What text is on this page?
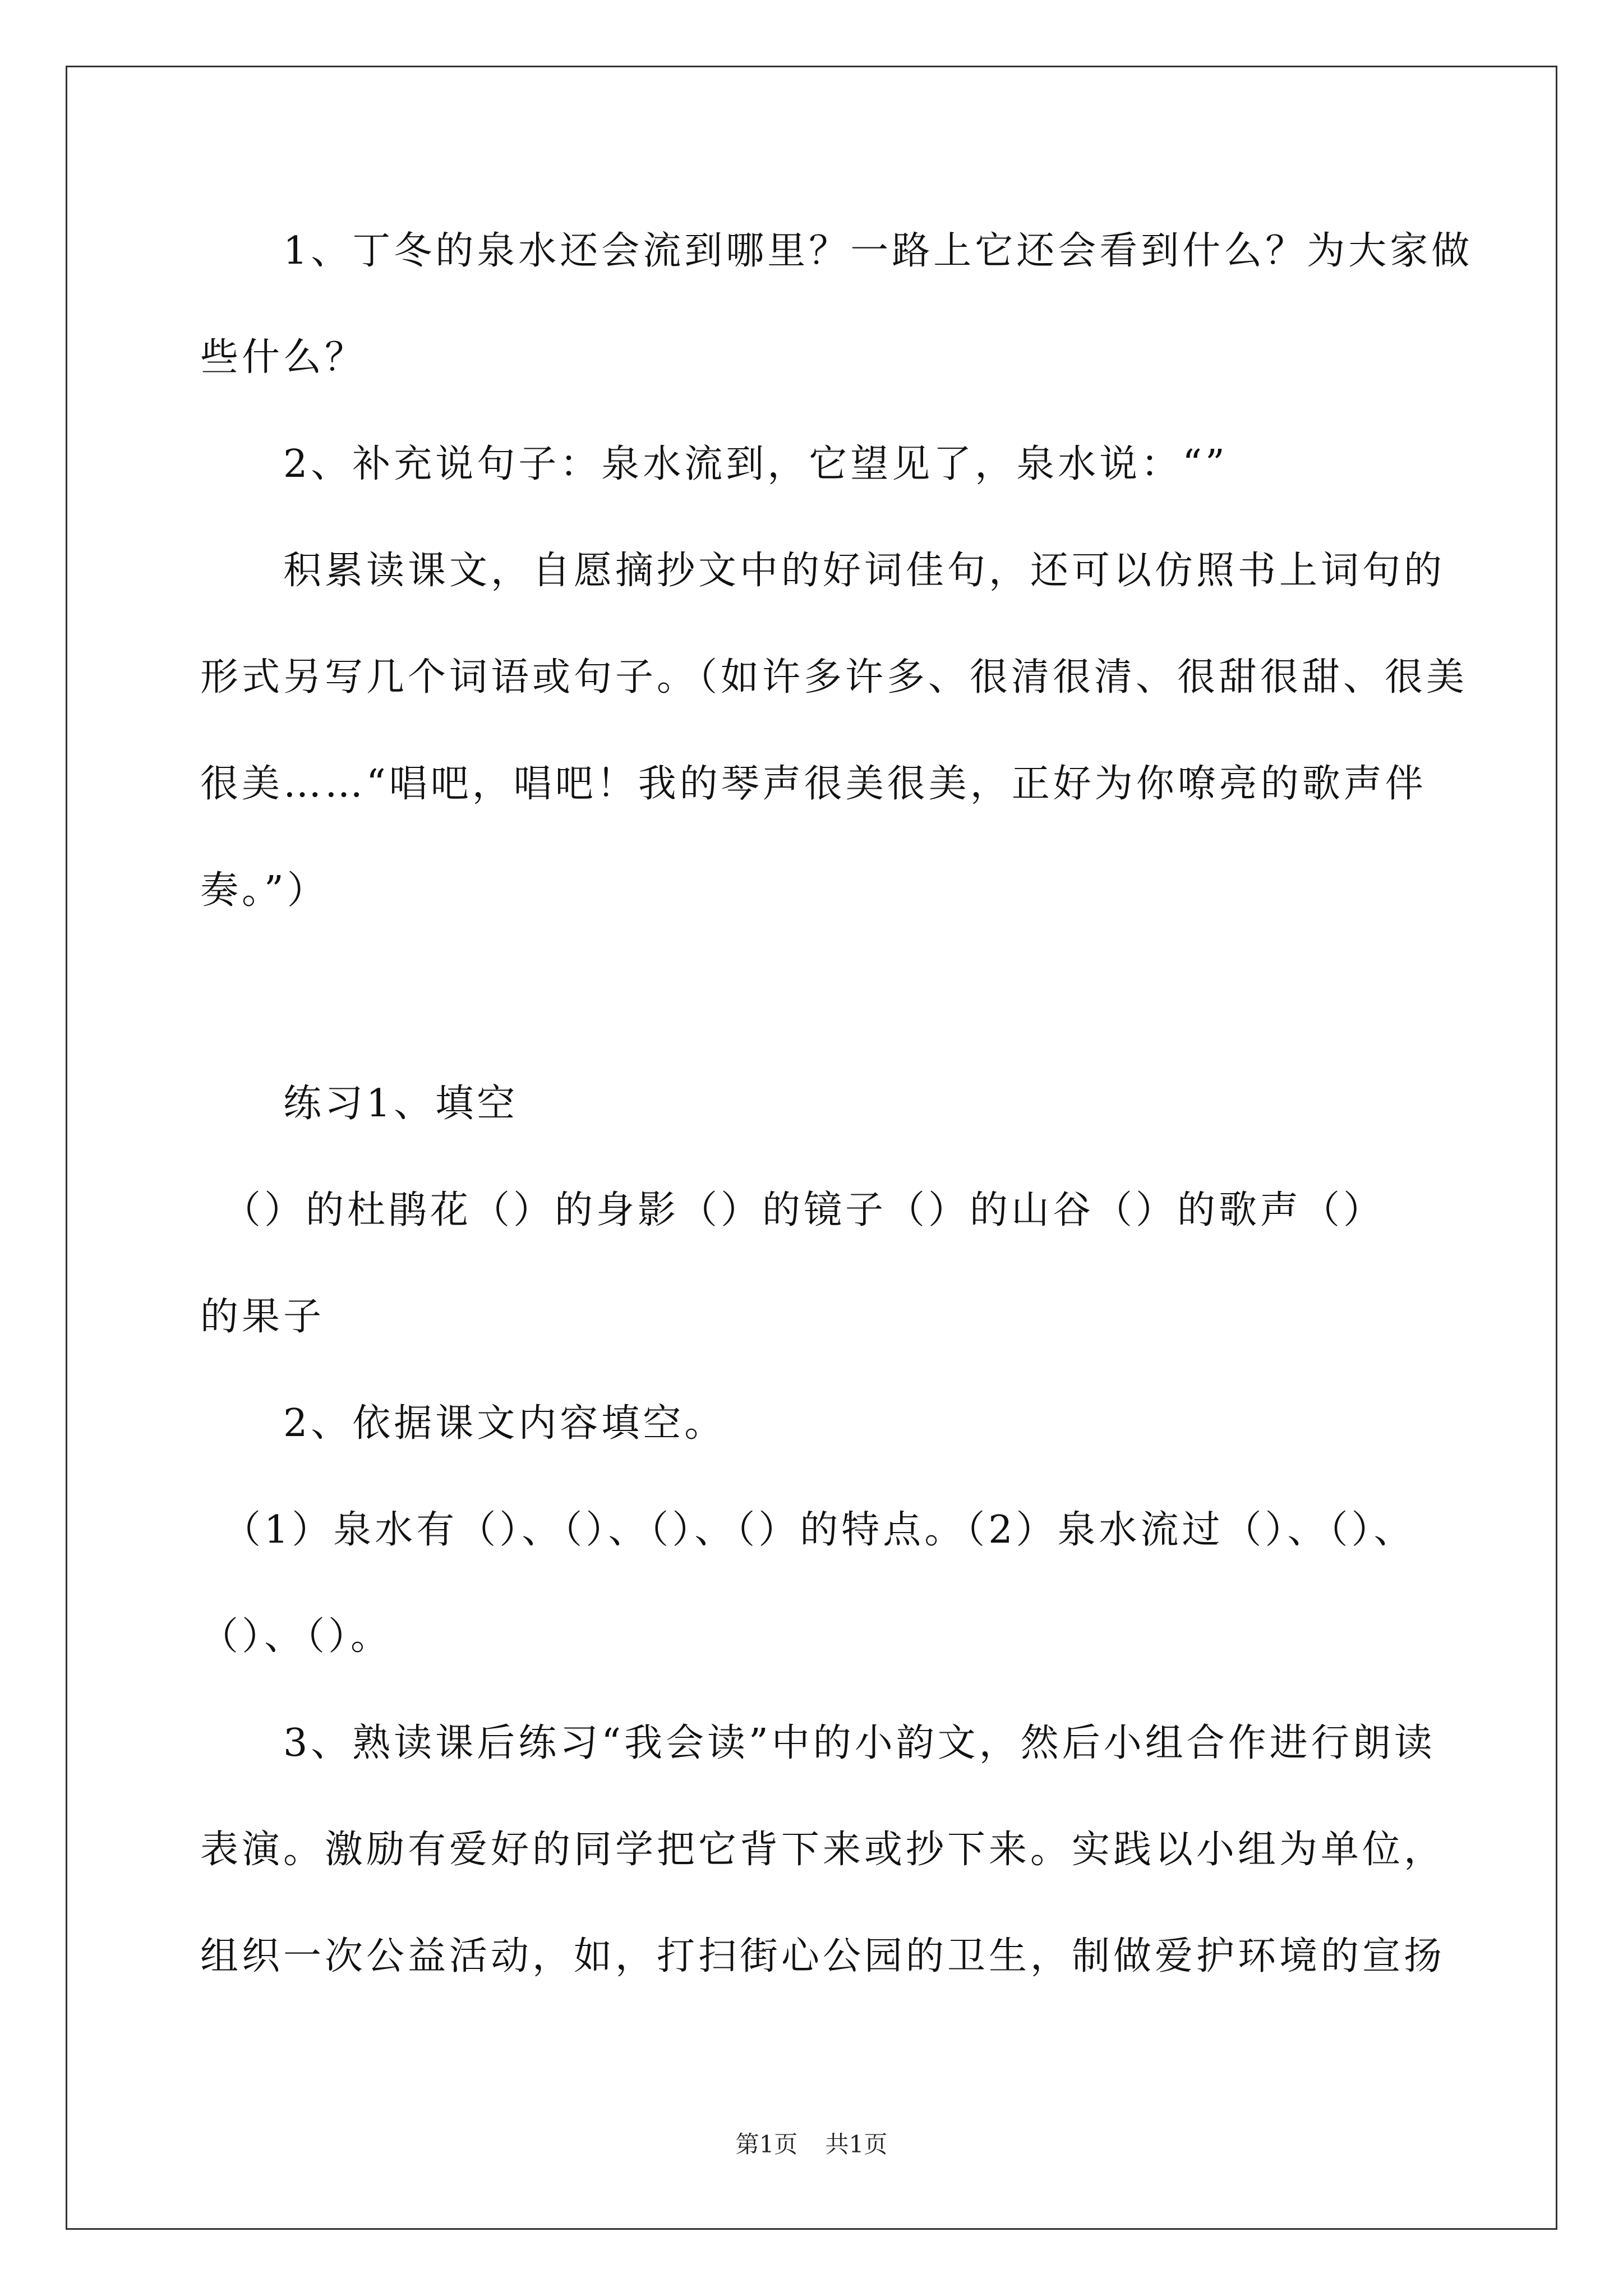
　　1、丁冬的泉水还会流到哪里？一路上它还会看到什么？为大家做
些什么？
　　2、补充说句子：泉水流到，它望见了，泉水说：“”
　　积累读课文，自愿摘抄文中的好词佳句，还可以仿照书上词句的
形式另写几个词语或句子。（如许多许多、很清很清、很甜很甜、很美
很美……“唱吧，唱吧！我的琴声很美很美，正好为你嘹亮的歌声伴
奏。”）
　　练习1、填空
　（）的杜鹃花（）的身影（）的镜子（）的山谷（）的歌声（）
的果子
　　2、依据课文内容填空。
　（1）泉水有（）、（）、（）、（）的特点。（2）泉水流过（）、（）、
（）、（）。
　　3、熟读课后练习“我会读”中的小韵文，然后小组合作进行朗读
表演。激励有爱好的同学把它背下来或抄下来。实践以小组为单位，
组织一次公益活动，如，打扫街心公园的卫生，制做爱护环境的宣扬
第1页 共1页
